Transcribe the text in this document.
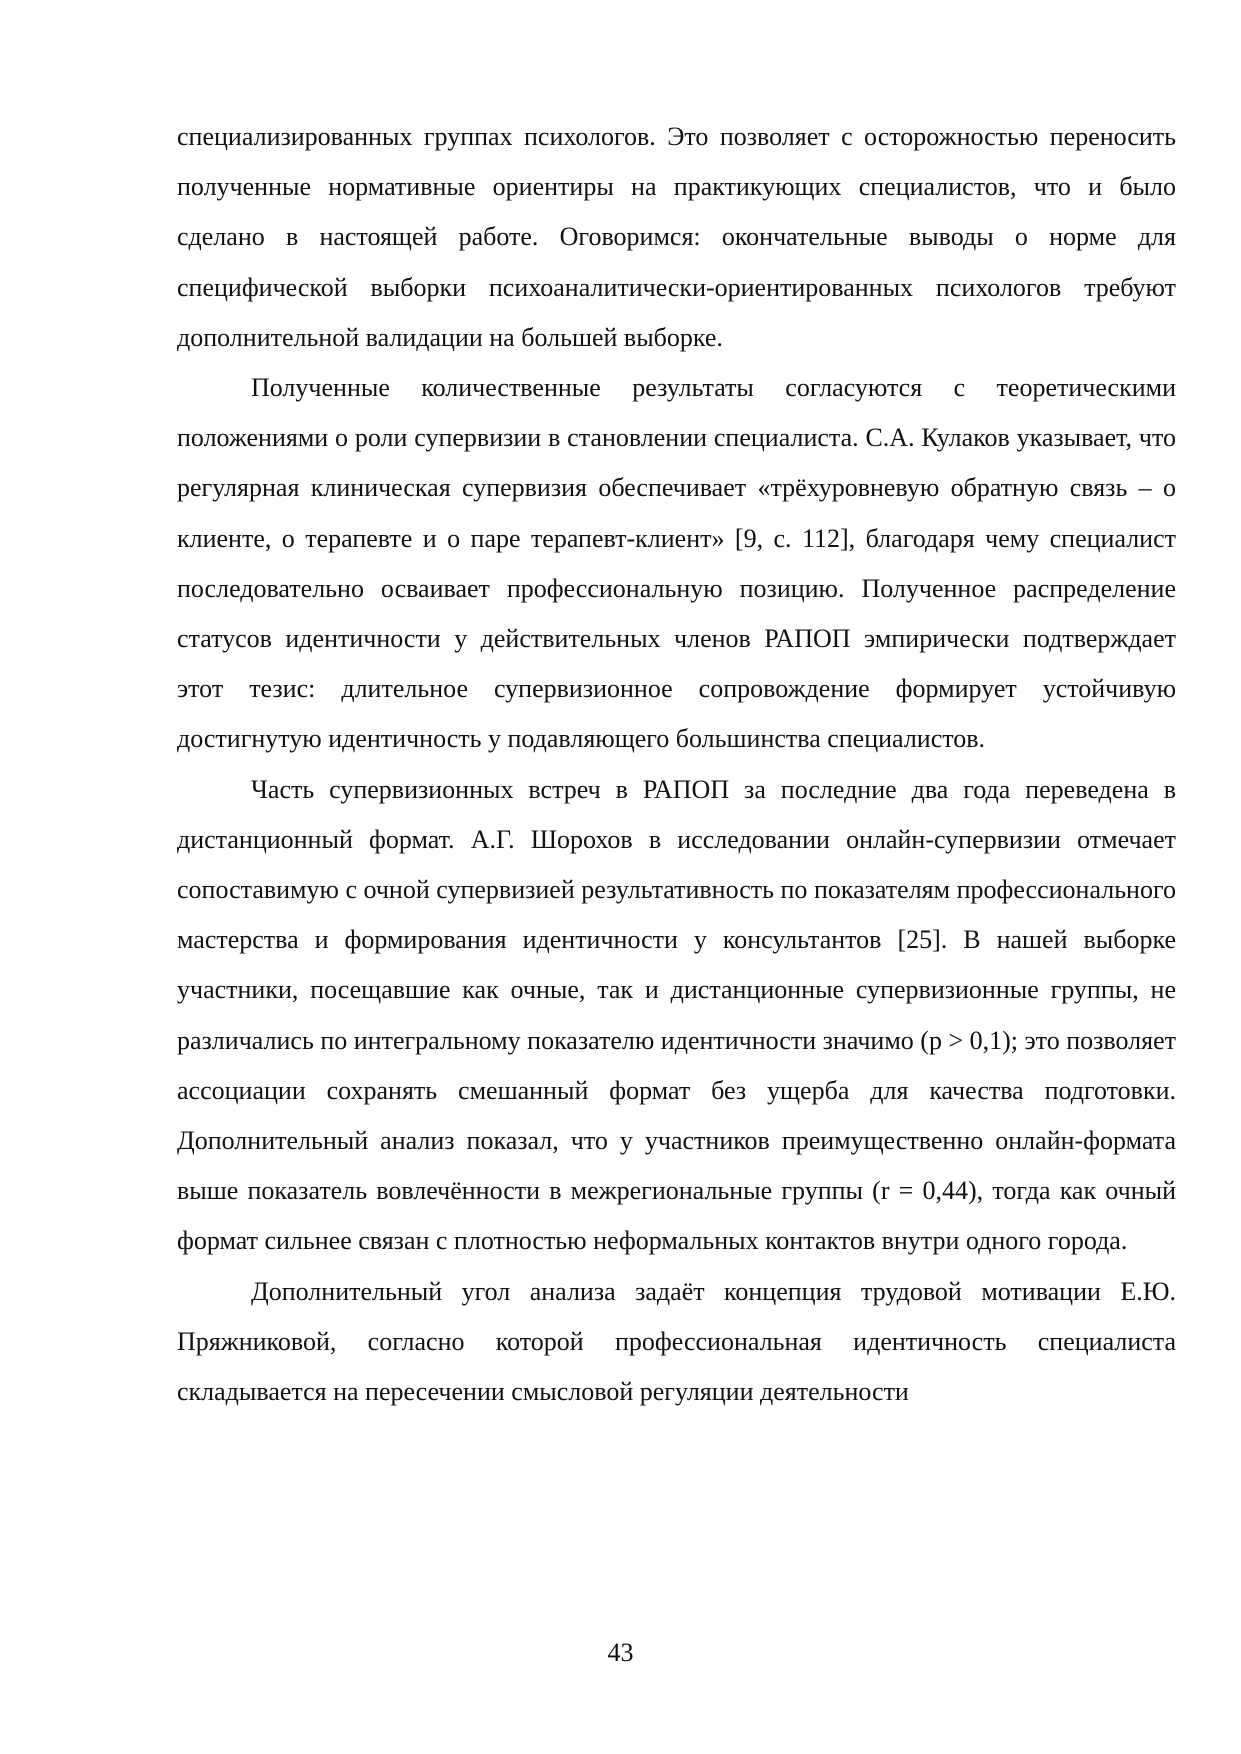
специализированных группах психологов. Это позволяет с осторожностью переносить полученные нормативные ориентиры на практикующих специалистов, что и было сделано в настоящей работе. Оговоримся: окончательные выводы о норме для специфической выборки психоаналитически-ориентированных психологов требуют дополнительной валидации на большей выборке.

Полученные количественные результаты согласуются с теоретическими положениями о роли супервизии в становлении специалиста. С.А. Кулаков указывает, что регулярная клиническая супервизия обеспечивает «трёхуровневую обратную связь – о клиенте, о терапевте и о паре терапевт-клиент» [9, с. 112], благодаря чему специалист последовательно осваивает профессиональную позицию. Полученное распределение статусов идентичности у действительных членов РАПОП эмпирически подтверждает этот тезис: длительное супервизионное сопровождение формирует устойчивую достигнутую идентичность у подавляющего большинства специалистов.

Часть супервизионных встреч в РАПОП за последние два года переведена в дистанционный формат. А.Г. Шорохов в исследовании онлайн-супервизии отмечает сопоставимую с очной супервизией результативность по показателям профессионального мастерства и формирования идентичности у консультантов [25]. В нашей выборке участники, посещавшие как очные, так и дистанционные супервизионные группы, не различались по интегральному показателю идентичности значимо (p > 0,1); это позволяет ассоциации сохранять смешанный формат без ущерба для качества подготовки. Дополнительный анализ показал, что у участников преимущественно онлайн-формата выше показатель вовлечённости в межрегиональные группы (r = 0,44), тогда как очный формат сильнее связан с плотностью неформальных контактов внутри одного города.

Дополнительный угол анализа задаёт концепция трудовой мотивации Е.Ю. Пряжниковой, согласно которой профессиональная идентичность специалиста складывается на пересечении смысловой регуляции деятельности

43
